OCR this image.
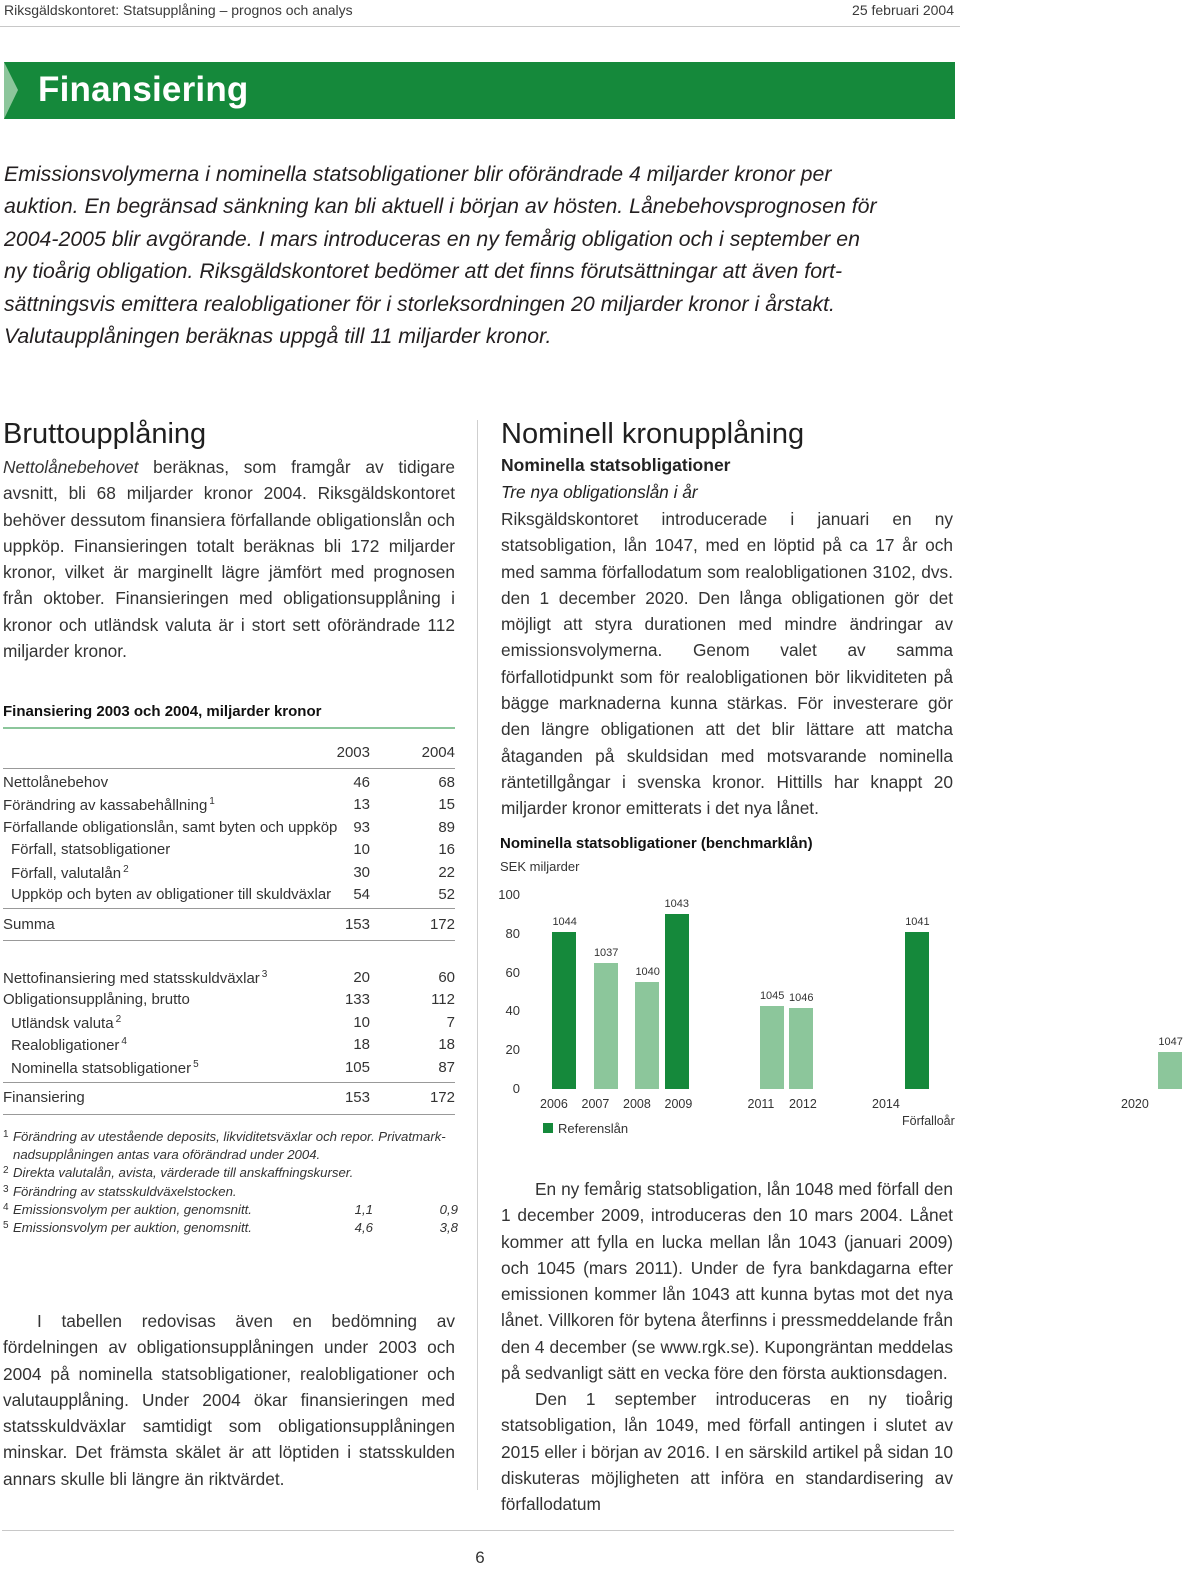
Riksgäldskontoret: Statsupplåning – prognos och analys	25 februari 2004
Finansiering

Emissionsvolymerna i nominella statsobligationer blir oförändrade 4 miljarder kronor per

auktion. En begränsad sänkning kan bli aktuell i början av hösten. Lånebehovsprognosen för

2004-2005 blir avgörande. I mars introduceras en ny femårig obligation och i september en

ny tioårig obligation. Riksgäldskontoret bedömer att det finns förutsättningar att även fort-

sättningsvis emittera realobligationer för i storleksordningen 20 miljarder kronor i årstakt.

Valutaupplåningen beräknas uppgå till 11 miljarder kronor.

Bruttoupplåning

Nettolånebehovet beräknas, som framgår av tidigare avsnitt, bli 68 miljarder kronor 2004. Riksgäldskontoret behöver dessutom finansiera förfallande obligationslån och uppköp. Finansieringen totalt beräknas bli 172 miljarder kronor, vilket är marginellt lägre jämfört med prognosen från oktober. Finansieringen med obligationsupplåning i kronor och utländsk valuta är i stort sett oförändrade 112 miljarder kronor.

Finansiering 2003 och 2004, miljarder kronor
2003	2004
Nettolånebehov	46	68
Förändring av kassabehållning $^1$	13	15
Förfallande obligationslån, samt byten och uppköp 93	89
Förfall, statsobligationer	10	16
Förfall, valutalån $^2$	30	22
Uppköp och byten av obligationer till skuldväxlar 54	52
Summa	153	172
Nettofinansiering med statsskuldväxlar $^3$	20	60
Obligationsupplåning, brutto	133	112
Utländsk valuta $^2$	10	7
Realobligationer $^4$	18	18
Nominella statsobligationer $^5$	105	87
Finansiering	153	172
1 Förändring av utestående deposits, likviditetsväxlar och repor. Privatmark-
nadsupplåningen antas vara oförändrad under 2004.
2 Direkta valutalån, avista, värderade till anskaffningskurser.
3 Förändring av statsskuldväxelstocken.
4 Emissionsvolym per auktion, genomsnitt.	1,1	0,9
5 Emissionsvolym per auktion, genomsnitt.	4,6	3,8
I tabellen redovisas även en bedömning av fördelningen av obligationsupplåningen under 2003 och 2004 på nominella statsobligationer, realobligationer och valutaupplåning. Under 2004 ökar finansieringen med statsskuldväxlar samtidigt som obligationsupplåningen minskar. Det främsta skälet är att löptiden i statsskulden annars skulle bli längre än riktvärdet.
Nominell kronupplåning
Nominella statsobligationer
Tre nya obligationslån i år
Riksgäldskontoret introducerade i januari en ny statsobligation, lån 1047, med en löptid på ca 17 år och med samma förfallodatum som realobligationen 3102, dvs. den 1 december 2020. Den långa obligationen gör det möjligt att styra durationen med mindre ändringar av emissionsvolymerna. Genom valet av samma förfallotidpunkt som för realobligationen bör likviditeten på bägge marknaderna kunna stärkas. För investerare gör den längre obligationen att det blir lättare att matcha åtaganden på skuldsidan med motsvarande nominella räntetillgångar i svenska kronor. Hittills har knappt 20 miljarder kronor emitterats i det nya lånet.
Nominella statsobligationer (benchmarklån)
SEK miljarder
0
20
40
60
80
100
1044
1037
1040
1043
1045 1046
1041
1047
2006 2007 2008 2009	2011 2012	2014	2020
Förfalloår
Referenslån
En ny femårig statsobligation, lån 1048 med förfall den 1 december 2009, introduceras den 10 mars 2004. Lånet kommer att fylla en lucka mellan lån 1043 (januari 2009) och 1045 (mars 2011). Under de fyra bankdagarna efter emissionen kommer lån 1043 att kunna bytas mot det nya lånet. Villkoren för bytena återfinns i pressmeddelande från den 4 december (se www.rgk.se). Kupongräntan meddelas på sedvanligt sätt en vecka före den första auktionsdagen.
Den 1 september introduceras en ny tioårig statsobligation, lån 1049, med förfall antingen i slutet av 2015 eller i början av 2016. I en särskild artikel på sidan 10 diskuteras möjligheten att införa en standardisering av förfallodatum
6
